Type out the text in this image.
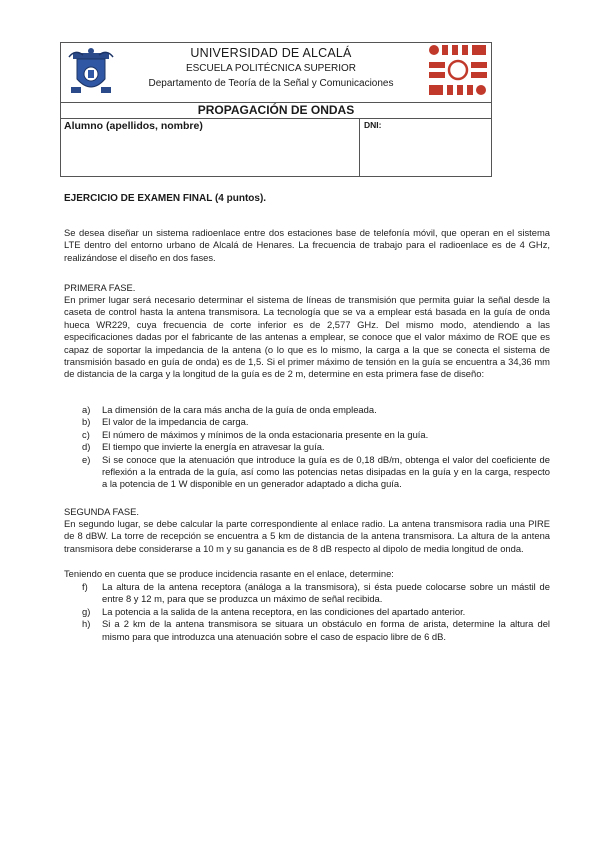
UNIVERSIDAD DE ALCALÁ
ESCUELA POLITÉCNICA SUPERIOR
Departamento de Teoría de la Señal y Comunicaciones
PROPAGACIÓN DE ONDAS
Alumno (apellidos, nombre)	DNI:
EJERCICIO DE EXAMEN FINAL (4 puntos).
Se desea diseñar un sistema radioenlace entre dos estaciones base de telefonía móvil, que operan en el sistema LTE dentro del entorno urbano de Alcalá de Henares. La frecuencia de trabajo para el radioenlace es de 4 GHz, realizándose el diseño en dos fases.
PRIMERA FASE.
En primer lugar será necesario determinar el sistema de líneas de transmisión que permita guiar la señal desde la caseta de control hasta la antena transmisora. La tecnología que se va a emplear está basada en la guía de onda hueca WR229, cuya frecuencia de corte inferior es de 2,577 GHz. Del mismo modo, atendiendo a las especificaciones dadas por el fabricante de las antenas a emplear, se conoce que el valor máximo de ROE que es capaz de soportar la impedancia de la antena (o lo que es lo mismo, la carga a la que se conecta el sistema de transmisión basado en guía de onda) es de 1,5. Si el primer máximo de tensión en la guía se encuentra a 34,36 mm de distancia de la carga y la longitud de la guía es de 2 m, determine en esta primera fase de diseño:
a) La dimensión de la cara más ancha de la guía de onda empleada.
b) El valor de la impedancia de carga.
c) El número de máximos y mínimos de la onda estacionaria presente en la guía.
d) El tiempo que invierte la energía en atravesar la guía.
e) Si se conoce que la atenuación que introduce la guía es de 0,18 dB/m, obtenga el valor del coeficiente de reflexión a la entrada de la guía, así como las potencias netas disipadas en la guía y en la carga, respecto a la potencia de 1 W disponible en un generador adaptado a dicha guía.
SEGUNDA FASE.
En segundo lugar, se debe calcular la parte correspondiente al enlace radio. La antena transmisora radia una PIRE de 8 dBW. La torre de recepción se encuentra a 5 km de distancia de la antena transmisora. La altura de la antena transmisora debe considerarse a 10 m y su ganancia es de 8 dB respecto al dipolo de media longitud de onda.
Teniendo en cuenta que se produce incidencia rasante en el enlace, determine:
f) La altura de la antena receptora (análoga a la transmisora), si ésta puede colocarse sobre un mástil de entre 8 y 12 m, para que se produzca un máximo de señal recibida.
g) La potencia a la salida de la antena receptora, en las condiciones del apartado anterior.
h) Si a 2 km de la antena transmisora se situara un obstáculo en forma de arista, determine la altura del mismo para que introduzca una atenuación sobre el caso de espacio libre de 6 dB.
